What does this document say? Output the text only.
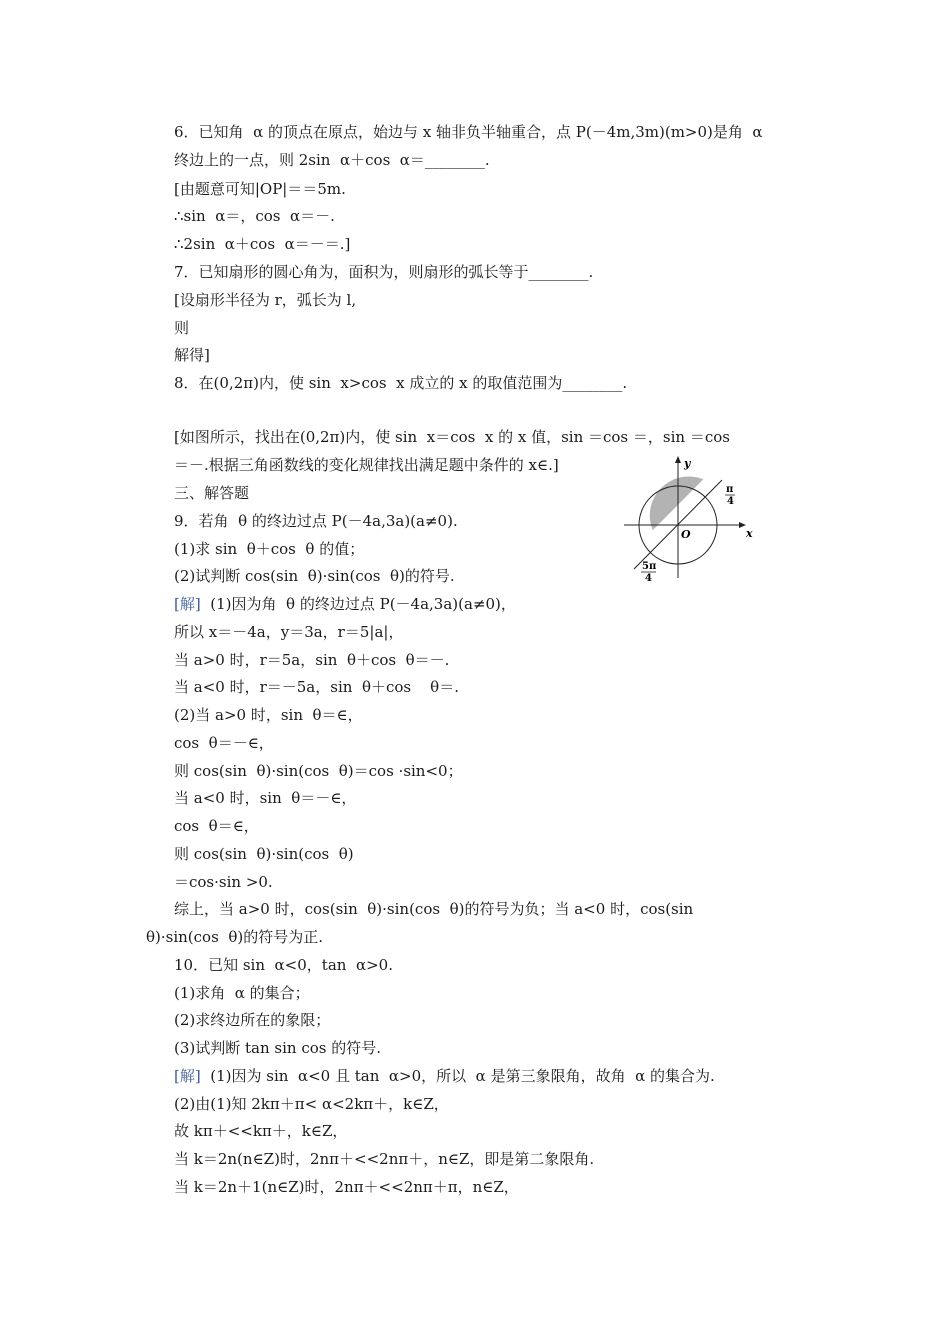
6．已知角  α 的顶点在原点，始边与 x 轴非负半轴重合，点 P(－4m,3m)(m>0)是角  α
终边上的一点，则 2sin  α＋cos  α＝________.
[由题意可知|OP|＝＝5m.
∴sin  α＝，cos  α＝－.
∴2sin  α＋cos  α＝－＝.]
7．已知扇形的圆心角为，面积为，则扇形的弧长等于________.
[设扇形半径为 r，弧长为 l,
则
解得]
8．在(0,2π)内，使 sin  x>cos  x 成立的 x 的取值范围为________.
[如图所示，找出在(0,2π)内，使 sin  x＝cos  x 的 x 值，sin ＝cos ＝，sin ＝cos
＝－.根据三角函数线的变化规律找出满足题中条件的 x∈.]
三、解答题
9．若角  θ 的终边过点 P(－4a,3a)(a≠0).
(1)求 sin  θ＋cos  θ 的值；
(2)试判断 cos(sin  θ)·sin(cos  θ)的符号.
[解]  (1)因为角  θ 的终边过点 P(－4a,3a)(a≠0)，
所以 x＝－4a，y＝3a，r＝5|a|，
当 a>0 时，r＝5a，sin  θ＋cos  θ＝－.
当 a<0 时，r＝－5a，sin  θ＋cos    θ＝.
(2)当 a>0 时，sin  θ＝∈，
cos  θ＝－∈，
则 cos(sin  θ)·sin(cos  θ)＝cos ·sin<0；
当 a<0 时，sin  θ＝－∈，
cos  θ＝∈，
则 cos(sin  θ)·sin(cos  θ)
＝cos·sin >0.
综上，当 a>0 时，cos(sin  θ)·sin(cos  θ)的符号为负；当 a<0 时，cos(sin
θ)·sin(cos  θ)的符号为正.
10．已知 sin  α<0，tan  α>0.
(1)求角  α 的集合；
(2)求终边所在的象限；
(3)试判断 tan sin cos 的符号.
[解]  (1)因为 sin  α<0 且 tan  α>0，所以  α 是第三象限角，故角  α 的集合为.
(2)由(1)知 2kπ＋π< α<2kπ＋，k∈Z，
故 kπ＋<<kπ＋，k∈Z，
当 k＝2n(n∈Z)时，2nπ＋<<2nπ＋，n∈Z，即是第二象限角.
当 k＝2n＋1(n∈Z)时，2nπ＋<<2nπ＋π，n∈Z，
y
x
O
π
4
5π
4
